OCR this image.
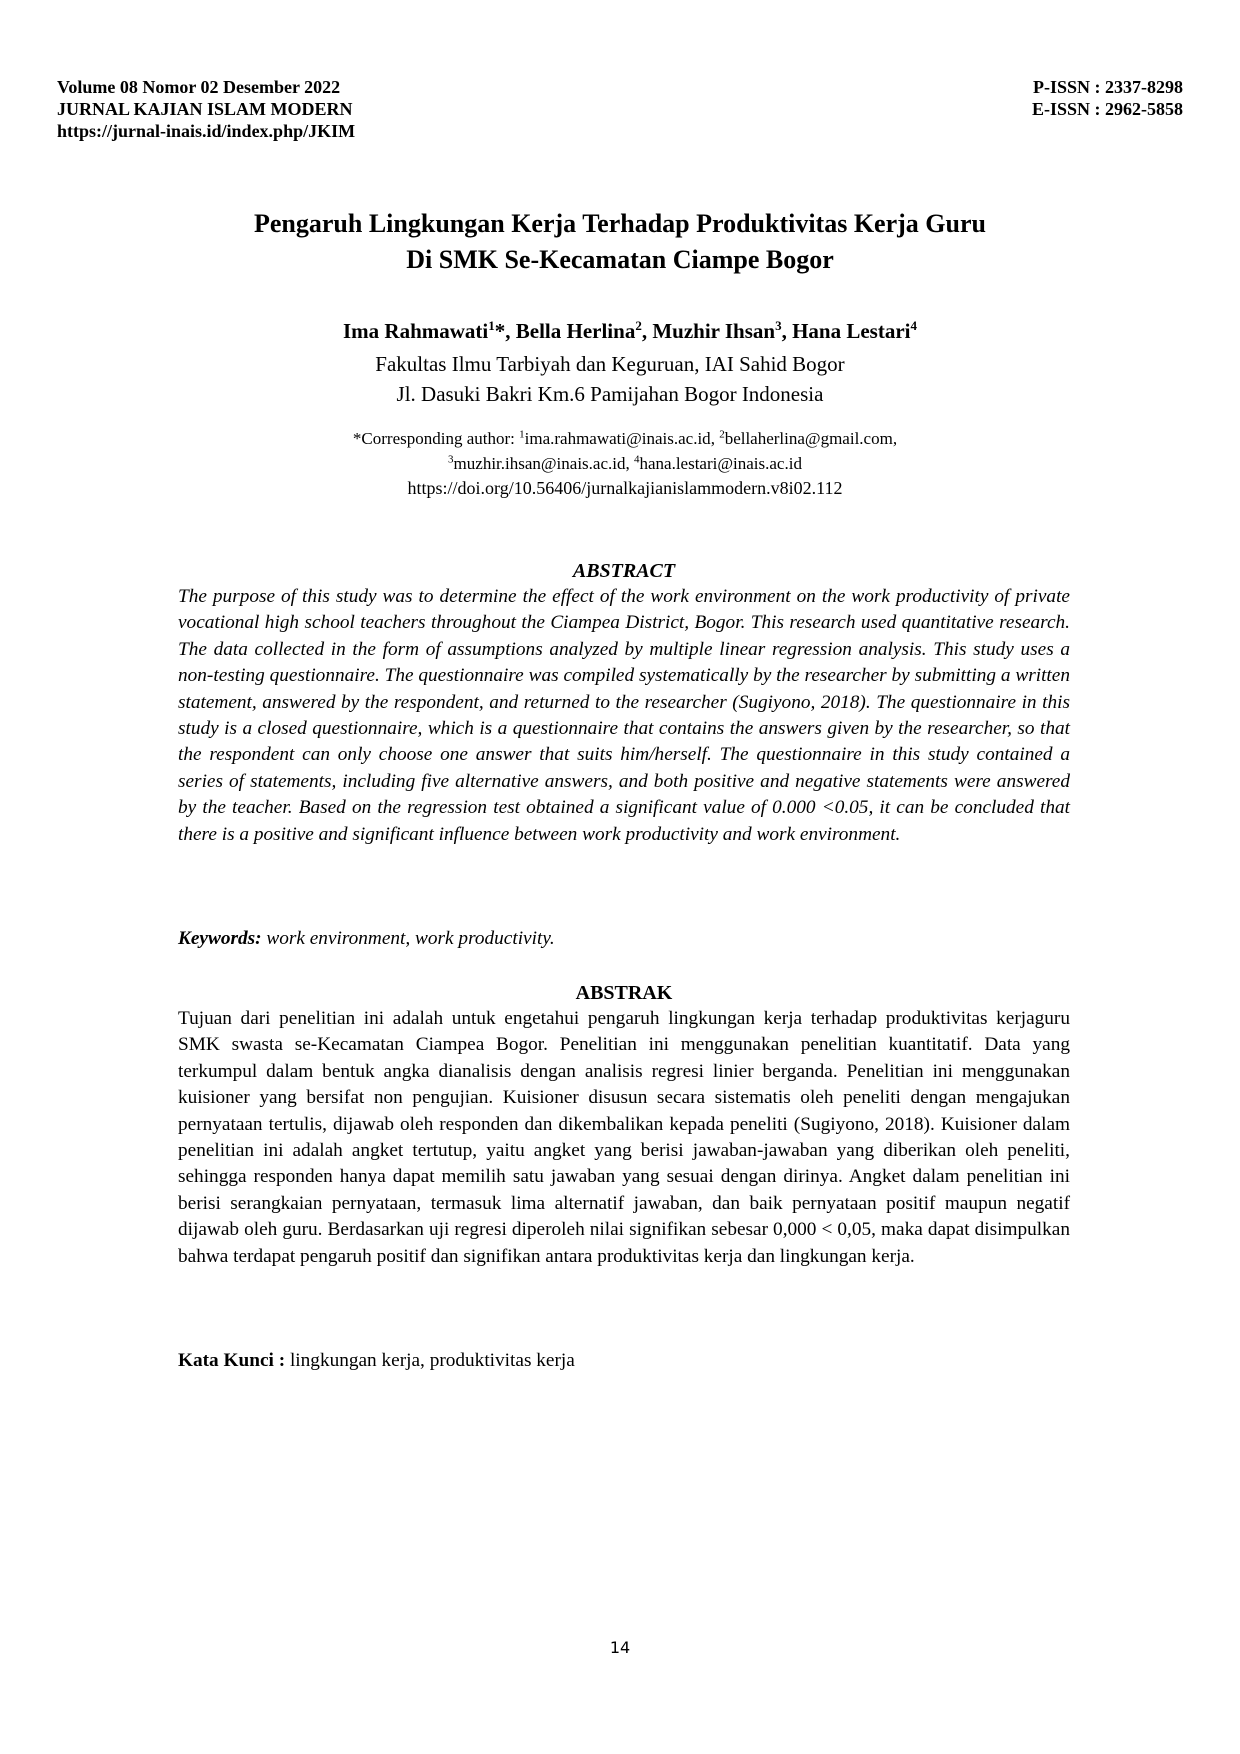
Volume 08 Nomor 02 Desember 2022
JURNAL KAJIAN ISLAM MODERN
https://jurnal-inais.id/index.php/JKIM
P-ISSN : 2337-8298
E-ISSN : 2962-5858
Pengaruh Lingkungan Kerja Terhadap Produktivitas Kerja Guru
Di SMK Se-Kecamatan Ciampe Bogor
Ima Rahmawati$^1$*, Bella Herlina$^2$, Muzhir Ihsan$^3$, Hana Lestari$^4$
Fakultas Ilmu Tarbiyah dan Keguruan, IAI Sahid Bogor
Jl. Dasuki Bakri Km.6 Pamijahan Bogor Indonesia
*Corresponding author: $^1$ima.rahmawati@inais.ac.id, $^2$bellaherlina@gmail.com,
$^3$muzhir.ihsan@inais.ac.id, $^4$hana.lestari@inais.ac.id
https://doi.org/10.56406/jurnalkajianislammodern.v8i02.112
ABSTRACT
The purpose of this study was to determine the effect of the work environment on the work productivity of private vocational high school teachers throughout the Ciampea District, Bogor. This research used quantitative research. The data collected in the form of assumptions analyzed by multiple linear regression analysis. This study uses a non-testing questionnaire. The questionnaire was compiled systematically by the researcher by submitting a written statement, answered by the respondent, and returned to the researcher (Sugiyono, 2018). The questionnaire in this study is a closed questionnaire, which is a questionnaire that contains the answers given by the researcher, so that the respondent can only choose one answer that suits him/herself. The questionnaire in this study contained a series of statements, including five alternative answers, and both positive and negative statements were answered by the teacher. Based on the regression test obtained a significant value of 0.000 <0.05, it can be concluded that there is a positive and significant influence between work productivity and work environment.
Keywords: work environment, work productivity.
ABSTRAK
Tujuan dari penelitian ini adalah untuk engetahui pengaruh lingkungan kerja terhadap produktivitas kerjaguru SMK swasta se-Kecamatan Ciampea Bogor. Penelitian ini menggunakan penelitian kuantitatif. Data yang terkumpul dalam bentuk angka dianalisis dengan analisis regresi linier berganda. Penelitian ini menggunakan kuisioner yang bersifat non pengujian. Kuisioner disusun secara sistematis oleh peneliti dengan mengajukan pernyataan tertulis, dijawab oleh responden dan dikembalikan kepada peneliti (Sugiyono, 2018). Kuisioner dalam penelitian ini adalah angket tertutup, yaitu angket yang berisi jawaban-jawaban yang diberikan oleh peneliti, sehingga responden hanya dapat memilih satu jawaban yang sesuai dengan dirinya. Angket dalam penelitian ini berisi serangkaian pernyataan, termasuk lima alternatif jawaban, dan baik pernyataan positif maupun negatif dijawab oleh guru. Berdasarkan uji regresi diperoleh nilai signifikan sebesar 0,000 < 0,05, maka dapat disimpulkan bahwa terdapat pengaruh positif dan signifikan antara produktivitas kerja dan lingkungan kerja.
Kata Kunci : lingkungan kerja, produktivitas kerja
14
